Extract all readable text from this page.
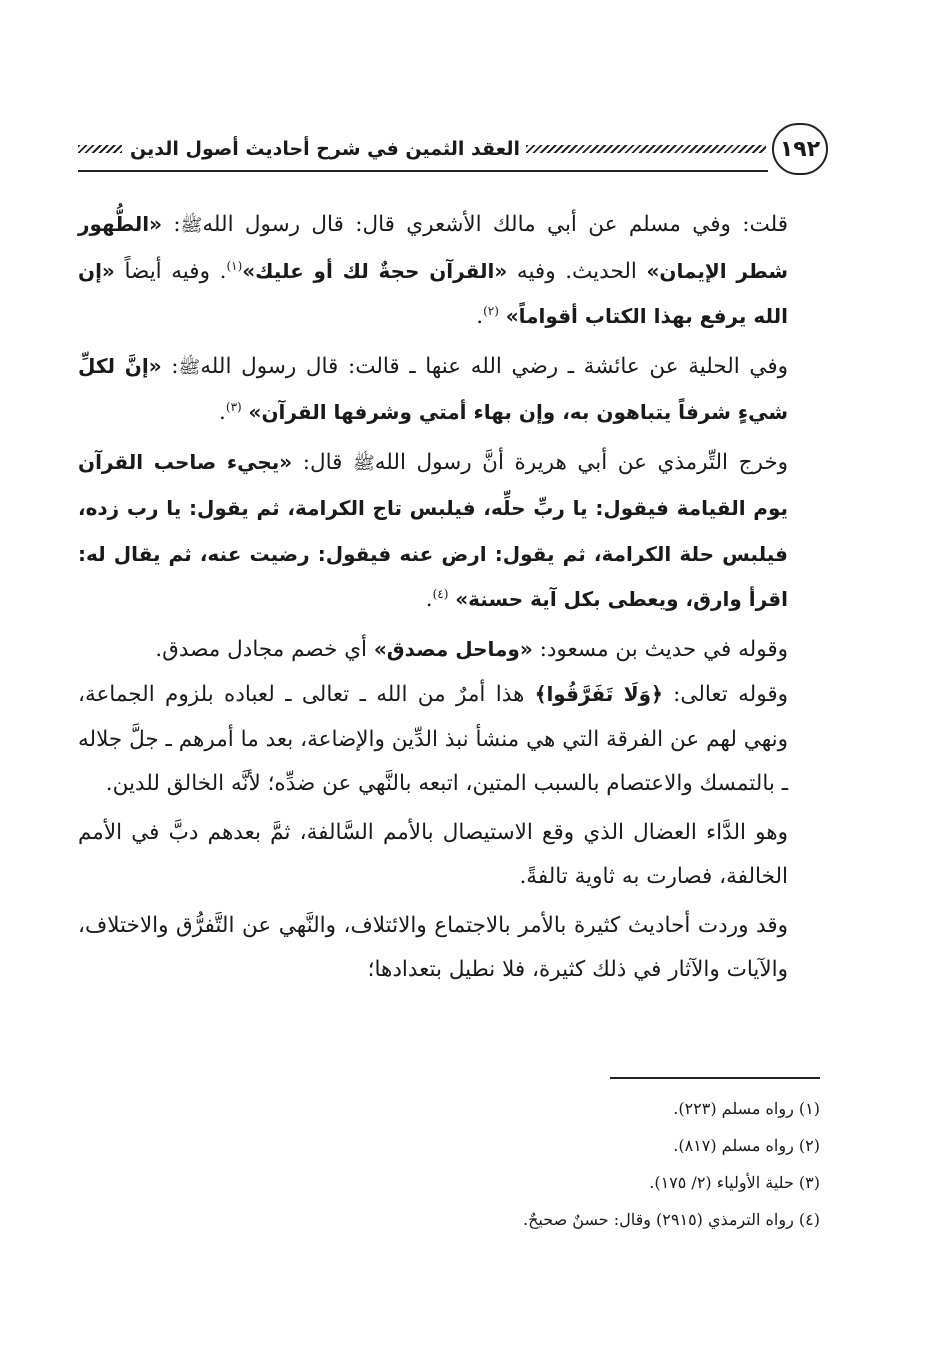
١٩٢
العقد الثمين في شرح أحاديث أصول الدين

قلت: وفي مسلم عن أبي مالك الأشعري قال: قال رسول اللهﷺ: «الطُّهور شطر الإيمان» الحديث. وفيه «القرآن حجةٌ لك أو عليك»$^{(١)}$. وفيه أيضاً «إن الله يرفع بهذا الكتاب أقواماً» $^{(٢)}$.

وفي الحلية عن عائشة ـ رضي الله عنها ـ قالت: قال رسول اللهﷺ: «إنَّ لكلِّ شيءٍ شرفاً يتباهون به، وإن بهاء أمتي وشرفها القرآن» $^{(٣)}$.

وخرج التِّرمذي عن أبي هريرة أنَّ رسول اللهﷺ قال: «يجيء صاحب القرآن يوم القيامة فيقول: يا ربِّ حلِّه، فيلبس تاج الكرامة، ثم يقول: يا رب زده، فيلبس حلة الكرامة، ثم يقول: ارض عنه فيقول: رضيت عنه، ثم يقال له: اقرأ وارق، ويعطى بكل آية حسنة» $^{(٤)}$.

وقوله في حديث بن مسعود: «وماحل مصدق» أي خصم مجادل مصدق.

وقوله تعالى: ﴿وَلَا تَفَرَّقُوا﴾ هذا أمرٌ من الله ـ تعالى ـ لعباده بلزوم الجماعة، ونهي لهم عن الفرقة التي هي منشأ نبذ الدِّين والإضاعة، بعد ما أمرهم ـ جلَّ جلاله ـ بالتمسك والاعتصام بالسبب المتين، اتبعه بالنَّهي عن ضدِّه؛ لأنَّه الخالق للدين.

وهو الدَّاء العضال الذي وقع الاستيصال بالأمم السَّالفة، ثمَّ بعدهم دبَّ في الأمم الخالفة، فصارت به ثاوية تالفةً.

وقد وردت أحاديث كثيرة بالأمر بالاجتماع والائتلاف، والنَّهي عن التَّفرُّق والاختلاف، والآيات والآثار في ذلك كثيرة، فلا نطيل بتعدادها؛

(١) رواه مسلم (٢٢٣).
(٢) رواه مسلم (٨١٧).
(٣) حلية الأولياء (٢/ ١٧٥).
(٤) رواه الترمذي (٢٩١٥) وقال: حسنٌ صحيحٌ.
